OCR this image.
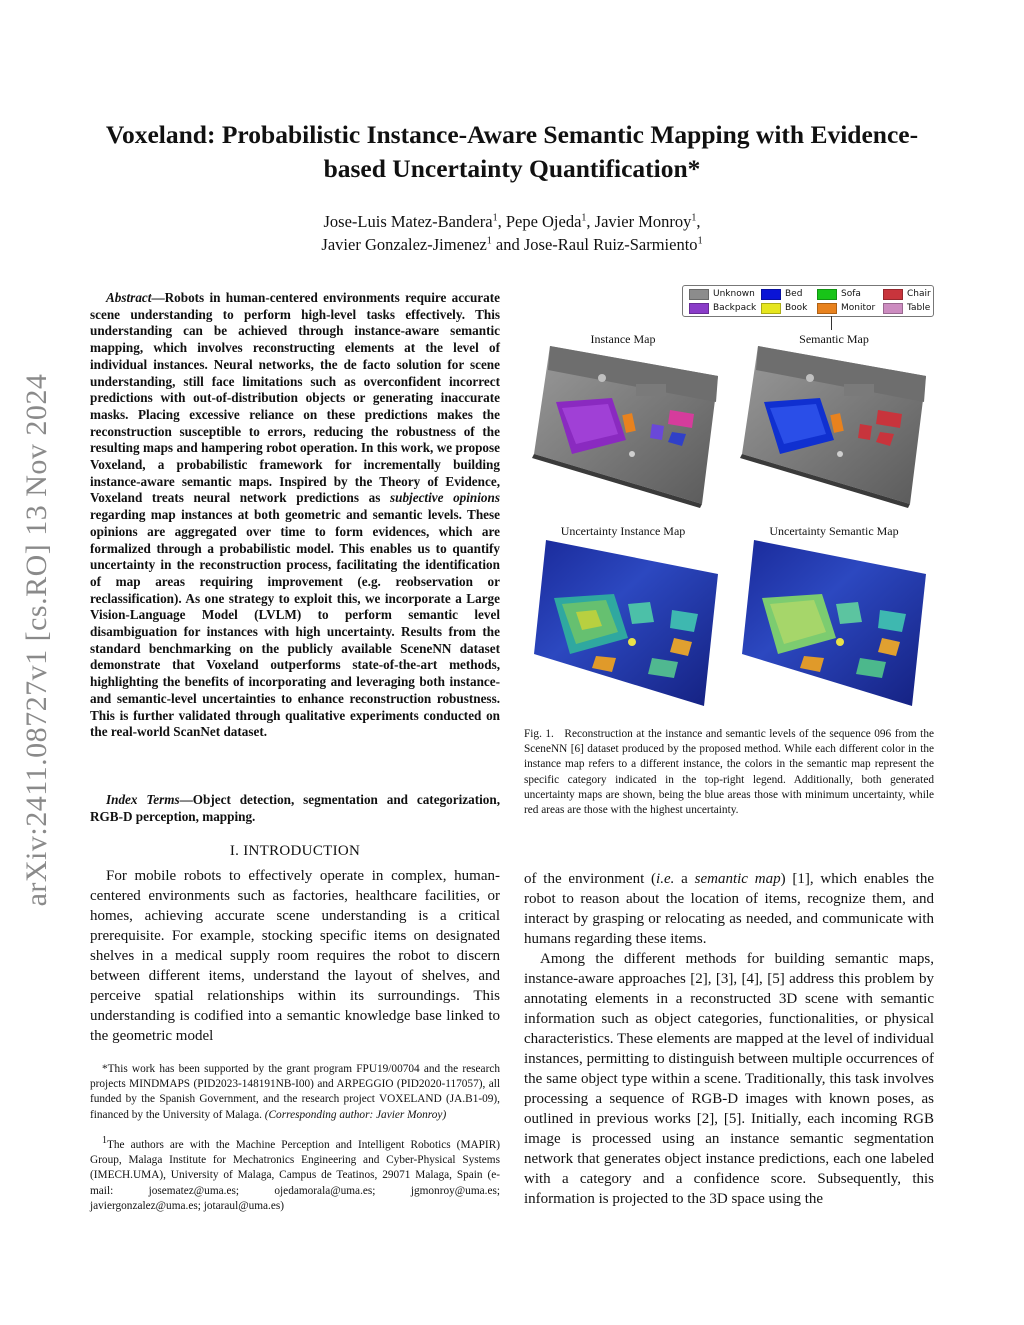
arXiv:2411.08727v1 [cs.RO] 13 Nov 2024
Voxeland: Probabilistic Instance-Aware Semantic Mapping with Evidence-based Uncertainty Quantification*
Jose-Luis Matez-Bandera$^1$, Pepe Ojeda$^1$, Javier Monroy$^1$,
Javier Gonzalez-Jimenez$^1$ and Jose-Raul Ruiz-Sarmiento$^1$
Abstract—Robots in human-centered environments require accurate scene understanding to perform high-level tasks effectively. This understanding can be achieved through instance-aware semantic mapping, which involves reconstructing elements at the level of individual instances. Neural networks, the de facto solution for scene understanding, still face limitations such as overconfident incorrect predictions with out-of-distribution objects or generating inaccurate masks. Placing excessive reliance on these predictions makes the reconstruction susceptible to errors, reducing the robustness of the resulting maps and hampering robot operation. In this work, we propose Voxeland, a probabilistic framework for incrementally building instance-aware semantic maps. Inspired by the Theory of Evidence, Voxeland treats neural network predictions as subjective opinions regarding map instances at both geometric and semantic levels. These opinions are aggregated over time to form evidences, which are formalized through a probabilistic model. This enables us to quantify uncertainty in the reconstruction process, facilitating the identification of map areas requiring improvement (e.g. reobservation or reclassification). As one strategy to exploit this, we incorporate a Large Vision-Language Model (LVLM) to perform semantic level disambiguation for instances with high uncertainty. Results from the standard benchmarking on the publicly available SceneNN dataset demonstrate that Voxeland outperforms state-of-the-art methods, highlighting the benefits of incorporating and leveraging both instance- and semantic-level uncertainties to enhance reconstruction robustness. This is further validated through qualitative experiments conducted on the real-world ScanNet dataset.
Index Terms—Object detection, segmentation and categorization, RGB-D perception, mapping.
I. INTRODUCTION
For mobile robots to effectively operate in complex, human-centered environments such as factories, healthcare facilities, or homes, achieving accurate scene understanding is a critical prerequisite. For example, stocking specific items on designated shelves in a medical supply room requires the robot to discern between different items, understand the layout of shelves, and perceive spatial relationships within its surroundings. This understanding is codified into a semantic knowledge base linked to the geometric model
*This work has been supported by the grant program FPU19/00704 and the research projects MINDMAPS (PID2023-148191NB-I00) and ARPEGGIO (PID2020-117057), all funded by the Spanish Government, and the research project VOXELAND (JA.B1-09), financed by the University of Malaga. (Corresponding author: Javier Monroy)
$^1$The authors are with the Machine Perception and Intelligent Robotics (MAPIR) Group, Malaga Institute for Mechatronics Engineering and Cyber-Physical Systems (IMECH.UMA), University of Malaga, Campus de Teatinos, 29071 Malaga, Spain (e-mail: josematez@uma.es; ojedamorala@uma.es; jgmonroy@uma.es; javiergonzalez@uma.es; jotaraul@uma.es)
Unknown	Bed	Sofa	Chair
Backpack	Book	Monitor	Table
Instance Map	Semantic Map
Uncertainty Instance Map	Uncertainty Semantic Map
Fig. 1. Reconstruction at the instance and semantic levels of the sequence 096 from the SceneNN [6] dataset produced by the proposed method. While each different color in the instance map refers to a different instance, the colors in the semantic map represent the specific category indicated in the top-right legend. Additionally, both generated uncertainty maps are shown, being the blue areas those with minimum uncertainty, while red areas are those with the highest uncertainty.

of the environment (i.e. a semantic map) [1], which enables the robot to reason about the location of items, recognize them, and interact by grasping or relocating as needed, and communicate with humans regarding these items.

Among the different methods for building semantic maps, instance-aware approaches [2], [3], [4], [5] address this problem by annotating elements in a reconstructed 3D scene with semantic information such as object categories, functionalities, or physical characteristics. These elements are mapped at the level of individual instances, permitting to distinguish between multiple occurrences of the same object type within a scene. Traditionally, this task involves processing a sequence of RGB-D images with known poses, as outlined in previous works [2], [5]. Initially, each incoming RGB image is processed using an instance semantic segmentation network that generates object instance predictions, each one labeled with a category and a confidence score. Subsequently, this information is projected to the 3D space using the
